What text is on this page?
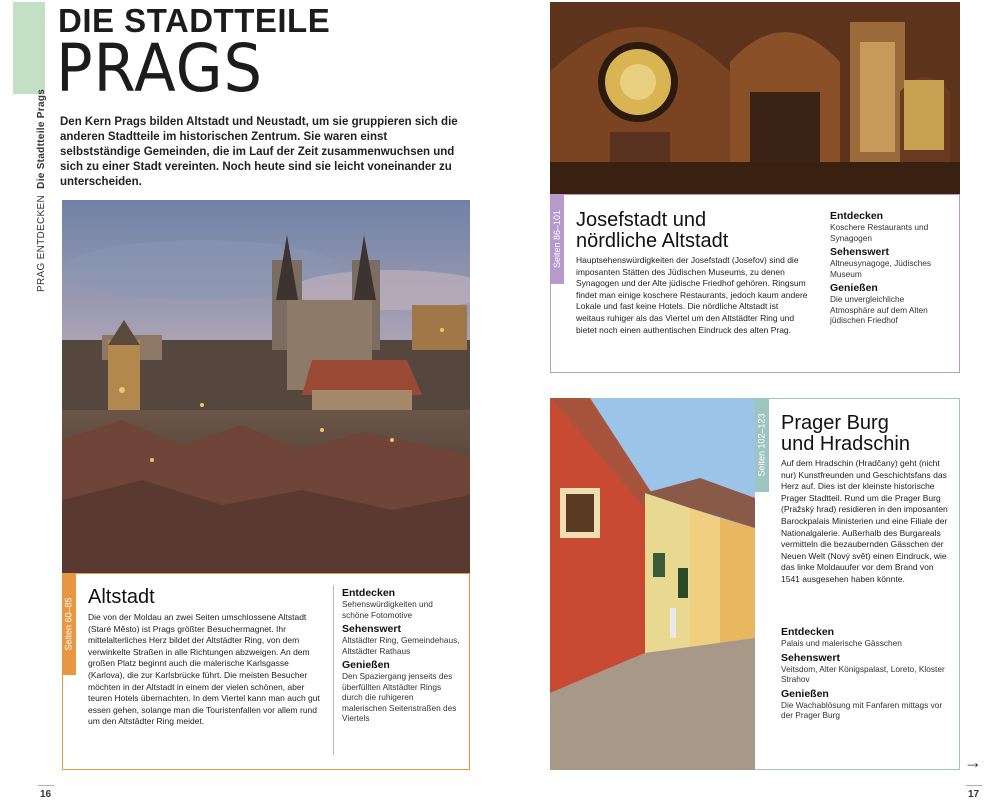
DIE STADTTEILE
PRAGS
PRAG ENTDECKEN  Die Stadtteile Prags Den Kern Prags bilden Altstadt und Neustadt, um sie gruppieren sich die anderen Stadtteile im historischen Zentrum. Sie waren einst selbstständige Gemeinden, die im Lauf der Zeit zusammenwuchsen und sich zu einer Stadt vereinten. Noch heute sind sie leicht voneinander zu unterscheiden.
Seiten 60–85
Altstadt
Die von der Moldau an zwei Seiten umschlossene Altstadt (Staré Město) ist Prags größter Besuchermagnet. Ihr mittelalterliches Herz bildet der Altstädter Ring, von dem verwinkelte Straßen in alle Richtungen abzweigen. An dem großen Platz beginnt auch die malerische Karlsgasse (Karlova), die zur Karlsbrücke führt. Die meisten Besucher möchten in der Altstadt in einem der vielen schönen, aber teuren Hotels übernachten. In dem Viertel kann man auch gut essen gehen, solange man die Touristenfallen vor allem rund um den Altstädter Ring meidet.
Entdecken
Sehenswürdigkeiten und schöne Fotomotive
Sehenswert
Altstädter Ring, Gemeindehaus, Altstädter Rathaus
Genießen
Den Spaziergang jenseits des überfüllten Altstädter Rings durch die ruhigeren malerischen Seitenstraßen des Viertels
16
Seiten 86–101 Josefstadt und
nördliche Altstadt
Hauptsehenswürdigkeiten der Josefstadt (Josefov) sind die imposanten Stätten des Jüdischen Museums, zu denen Synagogen und der Alte jüdische Friedhof gehören. Ringsum findet man einige koschere Restaurants, jedoch kaum andere Lokale und fast keine Hotels. Die nördliche Altstadt ist weitaus ruhiger als das Viertel um den Altstädter Ring und bietet noch einen authentischen Eindruck des alten Prag.
Entdecken
Koschere Restaurants und Synagogen
Sehenswert
Altneusynagoge, Jüdisches Museum
Genießen
Die unvergleichliche Atmosphäre auf dem Alten jüdischen Friedhof
Seiten 102–123 Prager Burg
und Hradschin
Auf dem Hradschin (Hradčany) geht (nicht nur) Kunstfreunden und Geschichtsfans das Herz auf. Dies ist der kleinste historische Prager Stadtteil. Rund um die Prager Burg (Pražský hrad) residieren in den imposanten Barockpalais Ministerien und eine Filiale der Nationalgalerie. Außerhalb des Burgareals vermitteln die bezaubernden Gässchen der Neuen Welt (Nový svět) einen Eindruck, wie das linke Moldauufer vor dem Brand von 1541 ausgesehen haben könnte.
Entdecken
Palais und malerische Gässchen
Sehenswert
Veitsdom, Alter Königspalast, Loreto, Kloster Strahov
Genießen
Die Wachablösung mit Fanfaren mittags vor der Prager Burg
→
17
